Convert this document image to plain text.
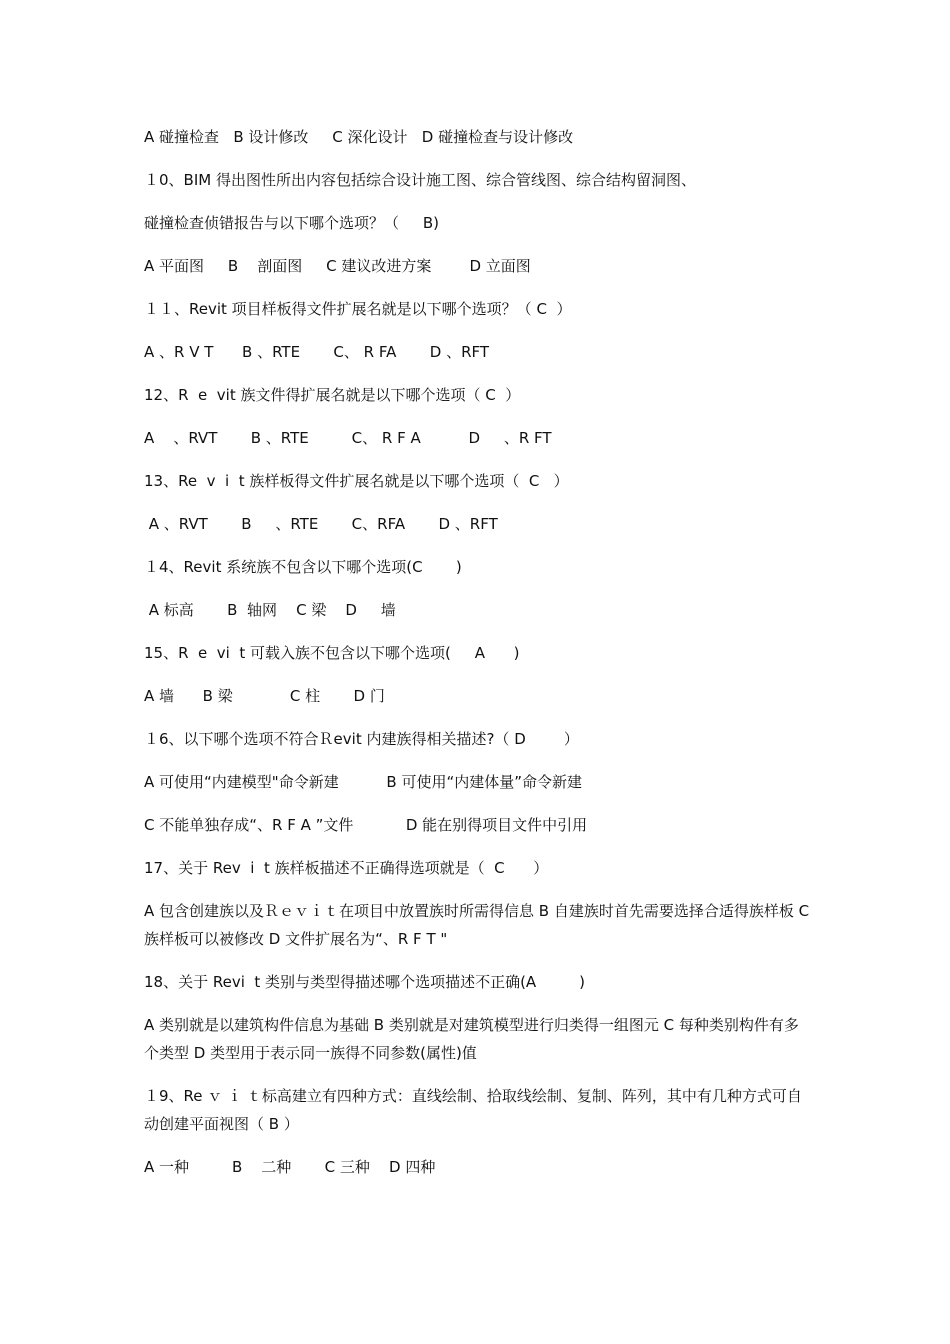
A 碰撞检查   B 设计修改     C 深化设计   D 碰撞检查与设计修改

１0、BIM 得出图性所出内容包括综合设计施工图、综合管线图、综合结构留洞图、

碰撞检查侦错报告与以下哪个选项？（     B)

A 平面图     B    剖面图     C 建议改进方案        D 立面图

１１、Revit 项目样板得文件扩展名就是以下哪个选项？（ C  ）

A 、R V T      B 、RTE       C、 R FA       D 、RFT

12、R  e  vit 族文件得扩展名就是以下哪个选项（ C  ）

A    、RVT       B 、RTE         C、 R F A          D     、R FT

13、Re  v  i  t 族样板得文件扩展名就是以下哪个选项（  C   ）

A 、RVT       B     、RTE       C、RFA       D 、RFT

１4、Revit 系统族不包含以下哪个选项(C       )

A 标高       B  轴网    C 梁    D     墙

15、R  e  vi  t 可载入族不包含以下哪个选项(     A      )

A 墙      B 梁            C 柱       D 门

１6、以下哪个选项不符合Ｒevit 内建族得相关描述?（ D        ）

A 可使用“内建模型"命令新建          B 可使用“内建体量”命令新建

C 不能单独存成“、R F A ”文件           D 能在别得项目文件中引用

17、关于 Rev  i  t 族样板描述不正确得选项就是（  C      ）

A 包含创建族以及Ｒｅｖｉｔ在项目中放置族时所需得信息 B 自建族时首先需要选择合适得族样板 C 族样板可以被修改 D 文件扩展名为“、R F T "

18、关于 Revi  t 类别与类型得描述哪个选项描述不正确(A         )

A 类别就是以建筑构件信息为基础 B 类别就是对建筑模型进行归类得一组图元 C 每种类别构件有多个类型 D 类型用于表示同一族得不同参数(属性)值

１9、Re ｖ ｉ ｔ标高建立有四种方式：直线绘制、拾取线绘制、复制、阵列，其中有几种方式可自动创建平面视图（ B ）

A 一种         B    二种       C 三种    D 四种
